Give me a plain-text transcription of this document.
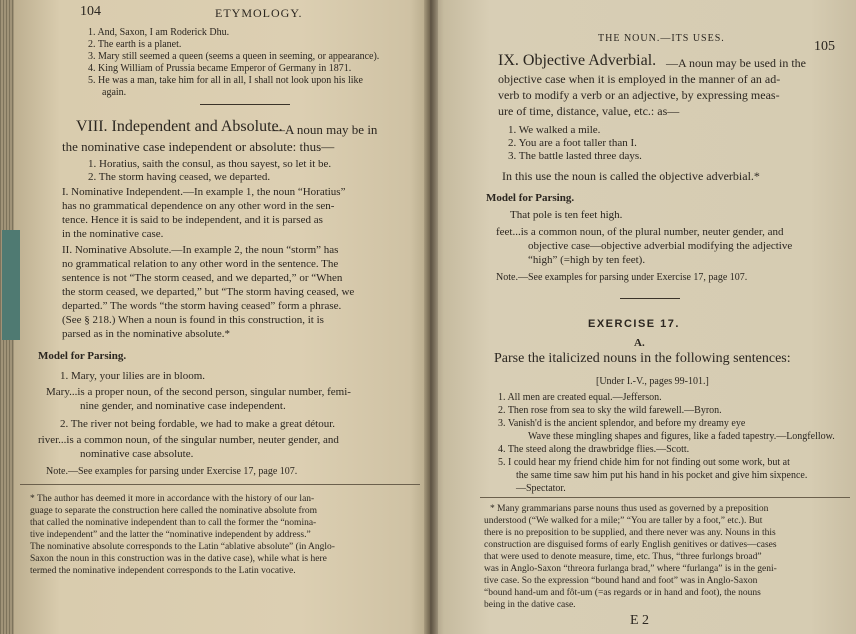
104	ETYMOLOGY.
1. And, Saxon, I am Roderick Dhu.
2. The earth is a planet.
3. Mary still seemed a queen (seems a queen in seeming, or appearance).
4. King William of Prussia became Emperor of Germany in 1871.
5. He was a man, take him for all in all, I shall not look upon his like
again.
VIII. Independent and Absolute.
—A noun may be in
the nominative case independent or absolute: thus—
1. Horatius, saith the consul, as thou sayest, so let it be.
2. The storm having ceased, we departed.
I. Nominative Independent.—In example 1, the noun “Horatius”
has no grammatical dependence on any other word in the sen-
tence. Hence it is said to be independent, and it is parsed as
in the nominative case.
II. Nominative Absolute.—In example 2, the noun “storm” has
no grammatical relation to any other word in the sentence. The
sentence is not “The storm ceased, and we departed,” or “When
the storm ceased, we departed,” but “The storm having ceased, we
departed.” The words “the storm having ceased” form a phrase.
(See § 218.) When a noun is found in this construction, it is
parsed as in the nominative absolute.*
Model for Parsing.
1. Mary, your lilies are in bloom.
Mary...is a proper noun, of the second person, singular number, femi-
nine gender, and nominative case independent.
2. The river not being fordable, we had to make a great détour.
river...is a common noun, of the singular number, neuter gender, and
nominative case absolute.
Note.—See examples for parsing under Exercise 17, page 107.
* The author has deemed it more in accordance with the history of our lan-
guage to separate the construction here called the nominative absolute from
that called the nominative independent than to call the former the “nomina-
tive independent” and the latter the “nominative independent by address.”
The nominative absolute corresponds to the Latin “ablative absolute” (in Anglo-
Saxon the noun in this construction was in the dative case), while what is here
termed the nominative independent corresponds to the Latin vocative.
THE NOUN.—ITS USES.
105
IX. Objective Adverbial. —A noun may be used in the
objective case when it is employed in the manner of an ad-
verb to modify a verb or an adjective, by expressing meas-
ure of time, distance, value, etc.: as—
1. We walked a mile.
2. You are a foot taller than I.
3. The battle lasted three days.
In this use the noun is called the objective adverbial.*
Model for Parsing.
That pole is ten feet high.
feet...is a common noun, of the plural number, neuter gender, and
objective case—objective adverbial modifying the adjective
“high” (=high by ten feet).
Note.—See examples for parsing under Exercise 17, page 107.
EXERCISE 17.
A.
Parse the italicized nouns in the following sentences:
[Under I.-V., pages 99-101.]
1. All men are created equal.—Jefferson.
2. Then rose from sea to sky the wild farewell.—Byron.
3. Vanish'd is the ancient splendor, and before my dreamy eye
Wave these mingling shapes and figures, like a faded tapestry.—Longfellow.
4. The steed along the drawbridge flies.—Scott.
5. I could hear my friend chide him for not finding out some work, but at
the same time saw him put his hand in his pocket and give him sixpence.
—Spectator.
* Many grammarians parse nouns thus used as governed by a preposition
understood (“We walked for a mile;” “You are taller by a foot,” etc.). But
there is no preposition to be supplied, and there never was any. Nouns in this
construction are disguised forms of early English genitives or datives—cases
that were used to denote measure, time, etc. Thus, “three furlongs broad”
was in Anglo-Saxon “threora furlanga brad,” where “furlanga” is in the geni-
tive case. So the expression “bound hand and foot” was in Anglo-Saxon
“bound hand-um and fôt-um (=as regards or in hand and foot), the nouns
being in the dative case.
E 2
